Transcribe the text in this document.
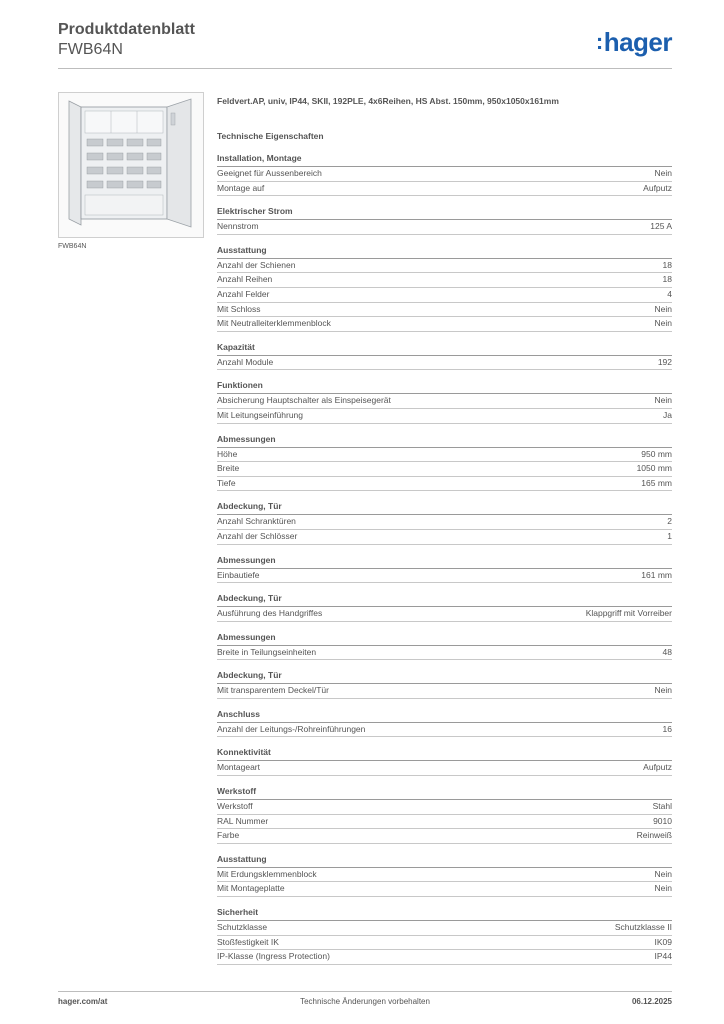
Produktdatenblatt
FWB64N	:hager
FWB64N
Feldvert.AP, univ, IP44, SKII, 192PLE, 4x6Reihen, HS Abst. 150mm, 950x1050x161mm
Technische Eigenschaften
Installation, Montage
Geeignet für Aussenbereich	Nein
Montage auf	Aufputz
Elektrischer Strom
Nennstrom	125 A
Ausstattung
Anzahl der Schienen	18
Anzahl Reihen	18
Anzahl Felder	4
Mit Schloss	Nein
Mit Neutralleiterklemmenblock	Nein
Kapazität
Anzahl Module	192
Funktionen
Absicherung Hauptschalter als Einspeisegerät	Nein
Mit Leitungseinführung	Ja
Abmessungen
Höhe	950 mm
Breite	1050 mm
Tiefe	165 mm
Abdeckung, Tür
Anzahl Schranktüren	2
Anzahl der Schlösser	1
Abmessungen
Einbautiefe	161 mm
Abdeckung, Tür
Ausführung des Handgriffes	Klappgriff mit Vorreiber
Abmessungen
Breite in Teilungseinheiten	48
Abdeckung, Tür
Mit transparentem Deckel/Tür	Nein
Anschluss
Anzahl der Leitungs-/Rohreinführungen	16
Konnektivität
Montageart	Aufputz
Werkstoff
Werkstoff	Stahl
RAL Nummer	9010
Farbe	Reinweiß
Ausstattung
Mit Erdungsklemmenblock	Nein
Mit Montageplatte	Nein
Sicherheit
Schutzklasse	Schutzklasse II
Stoßfestigkeit IK	IK09
IP-Klasse (Ingress Protection)	IP44
hager.com/at	Technische Änderungen vorbehalten	06.12.2025
